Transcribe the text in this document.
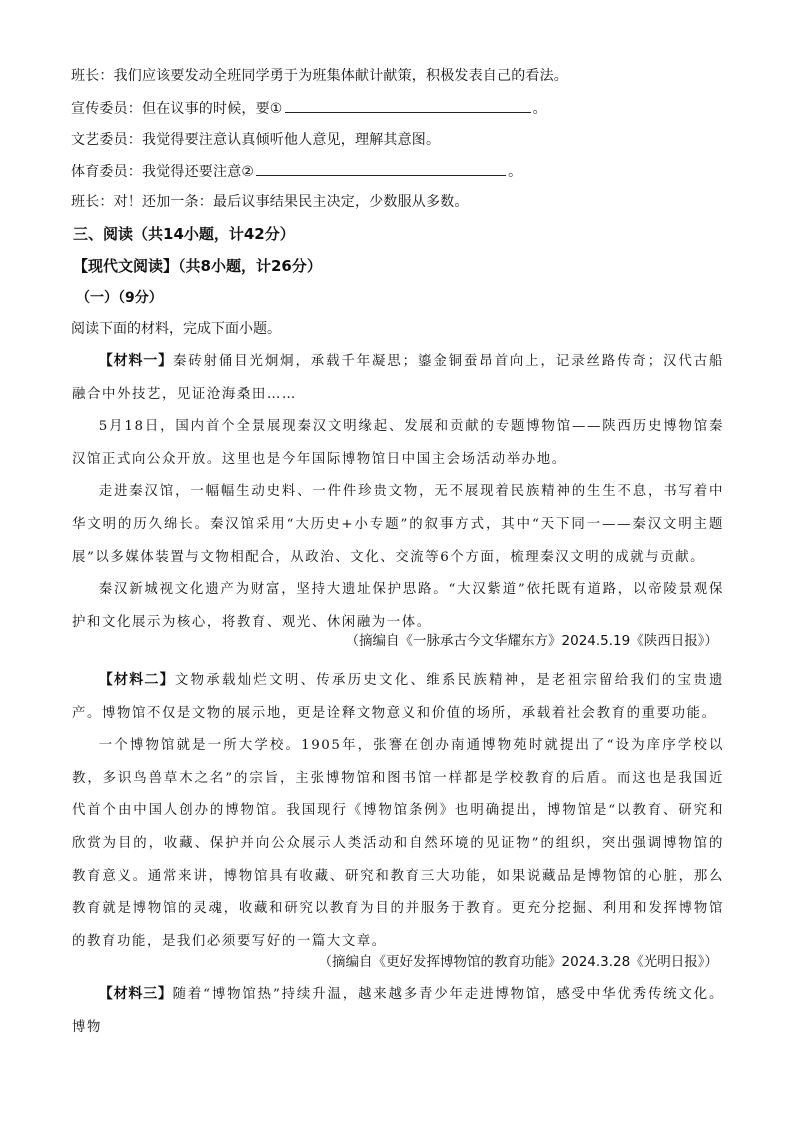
班长：我们应该要发动全班同学勇于为班集体献计献策，积极发表自己的看法。
宣传委员：但在议事的时候，要①	。
文艺委员：我觉得要注意认真倾听他人意见，理解其意图。
体育委员：我觉得还要注意②	。
班长：对！还加一条：最后议事结果民主决定，少数服从多数。
三、阅读（共14小题，计42分）
【现代文阅读】（共8小题，计26分）
（一）（9分）
阅读下面的材料，完成下面小题。
【材料一】秦砖射俑目光炯炯，承载千年凝思；鎏金铜蚕昂首向上，记录丝路传奇；汉代古船融合中外技艺，见证沧海桑田……
5月18日，国内首个全景展现秦汉文明缘起、发展和贡献的专题博物馆——陕西历史博物馆秦汉馆正式向公众开放。这里也是今年国际博物馆日中国主会场活动举办地。
走进秦汉馆，一幅幅生动史料、一件件珍贵文物，无不展现着民族精神的生生不息，书写着中华文明的历久绵长。秦汉馆采用“大历史+小专题”的叙事方式，其中“天下同一——秦汉文明主题展”以多媒体装置与文物相配合，从政治、文化、交流等6个方面，梳理秦汉文明的成就与贡献。
秦汉新城视文化遗产为财富，坚持大遗址保护思路。“大汉紫道”依托既有道路，以帝陵景观保护和文化展示为核心，将教育、观光、休闲融为一体。
（摘编自《一脉承古今文华耀东方》2024.5.19《陕西日报》）
【材料二】文物承载灿烂文明、传承历史文化、维系民族精神，是老祖宗留给我们的宝贵遗产。博物馆不仅是文物的展示地，更是诠释文物意义和价值的场所，承载着社会教育的重要功能。
一个博物馆就是一所大学校。1905年，张謇在创办南通博物苑时就提出了“设为庠序学校以教，多识鸟兽草木之名”的宗旨，主张博物馆和图书馆一样都是学校教育的后盾。而这也是我国近代首个由中国人创办的博物馆。我国现行《博物馆条例》也明确提出，博物馆是“以教育、研究和欣赏为目的，收藏、保护并向公众展示人类活动和自然环境的见证物”的组织，突出强调博物馆的教育意义。通常来讲，博物馆具有收藏、研究和教育三大功能，如果说藏品是博物馆的心脏，那么教育就是博物馆的灵魂，收藏和研究以教育为目的并服务于教育。更充分挖掘、利用和发挥博物馆的教育功能，是我们必须要写好的一篇大文章。
（摘编自《更好发挥博物馆的教育功能》2024.3.28《光明日报》）
【材料三】随着“博物馆热”持续升温，越来越多青少年走进博物馆，感受中华优秀传统文化。博物
